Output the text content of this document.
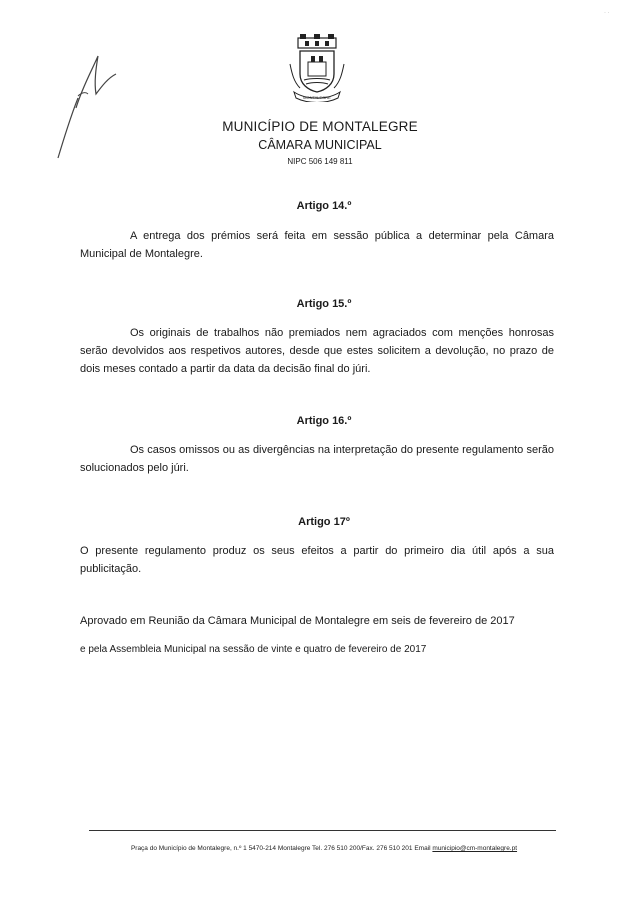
· ·
MONTALEGRE
MUNICÍPIO DE MONTALEGRE
CÂMARA MUNICIPAL
NIPC 506 149 811
Artigo 14.º
A entrega dos prémios será feita em sessão pública a determinar pela Câmara Municipal de Montalegre.
Artigo 15.º
Os originais de trabalhos não premiados nem agraciados com menções honrosas serão devolvidos aos respetivos autores, desde que estes solicitem a devolução, no prazo de dois meses contado a partir da data da decisão final do júri.
Artigo 16.º
Os casos omissos ou as divergências na interpretação do presente regulamento serão solucionados pelo júri.
Artigo 17º
O presente regulamento produz os seus efeitos a partir do primeiro dia útil após a sua publicitação.
Aprovado em Reunião da Câmara Municipal de Montalegre em seis de fevereiro de 2017
e pela Assembleia Municipal na sessão de vinte e quatro de fevereiro de 2017
Praça do Município de Montalegre, n.º 1 5470-214 Montalegre Tel. 276 510 200/Fax. 276 510 201 Email municipio@cm-montalegre.pt
